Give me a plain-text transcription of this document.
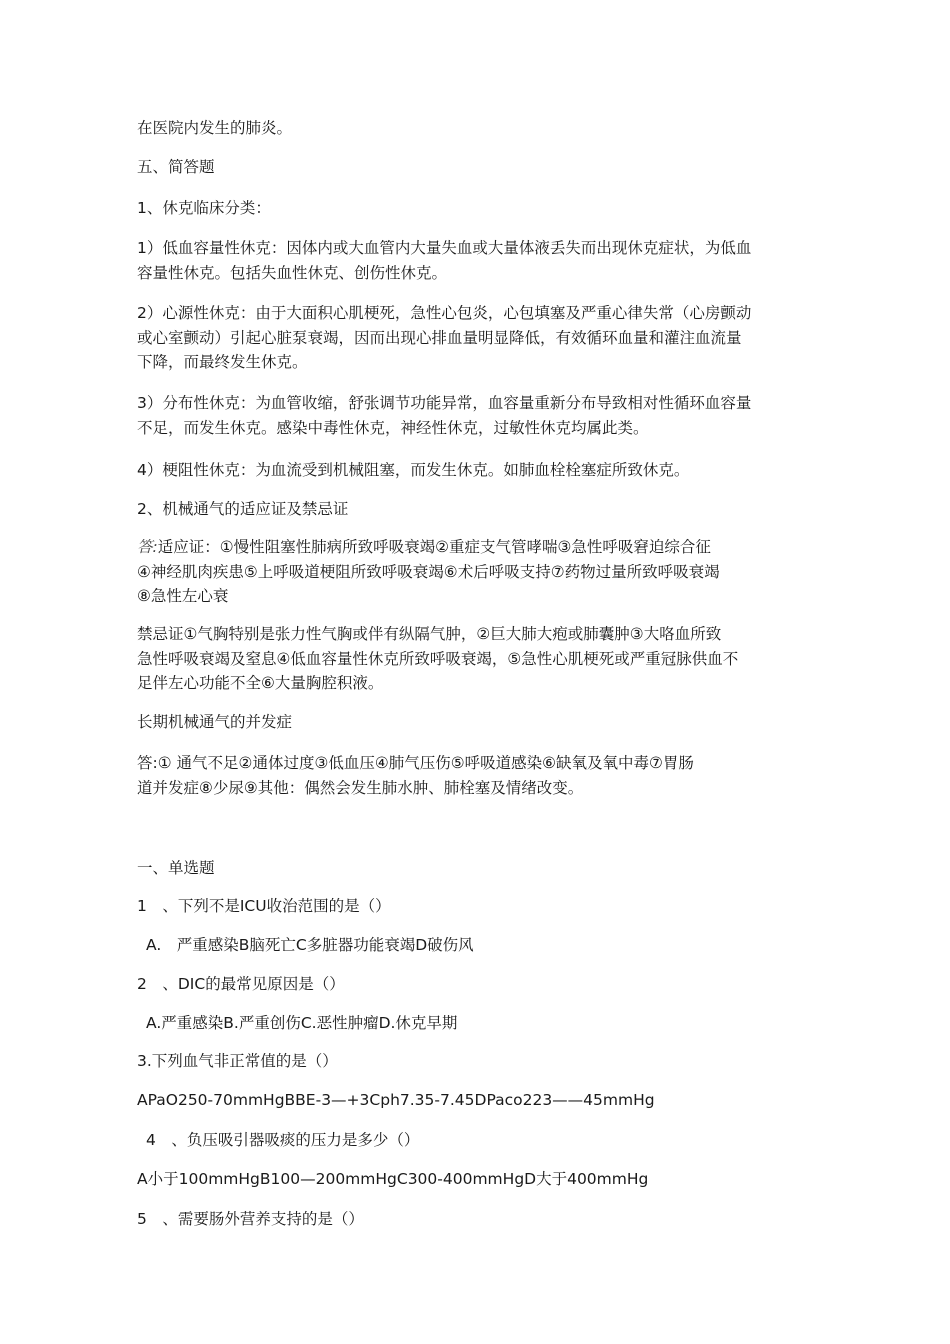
在医院内发生的肺炎。
五、简答题
1、休克临床分类：
1）低血容量性休克：因体内或大血管内大量失血或大量体液丢失而出现休克症状，为低血
容量性休克。包括失血性休克、创伤性休克。
2）心源性休克：由于大面积心肌梗死，急性心包炎，心包填塞及严重心律失常（心房颤动
或心室颤动）引起心脏泵衰竭，因而出现心排血量明显降低，有效循环血量和灌注血流量
下降，而最终发生休克。
3）分布性休克：为血管收缩，舒张调节功能异常，血容量重新分布导致相对性循环血容量
不足，而发生休克。感染中毒性休克，神经性休克，过敏性休克均属此类。
4）梗阻性休克：为血流受到机械阻塞，而发生休克。如肺血栓栓塞症所致休克。
2、机械通气的适应证及禁忌证
答:适应证：①慢性阻塞性肺病所致呼吸衰竭②重症支气管哮喘③急性呼吸窘迫综合征
④神经肌肉疾患⑤上呼吸道梗阻所致呼吸衰竭⑥术后呼吸支持⑦药物过量所致呼吸衰竭
⑧急性左心衰
禁忌证①气胸特别是张力性气胸或伴有纵隔气肿，②巨大肺大疱或肺囊肿③大咯血所致
急性呼吸衰竭及窒息④低血容量性休克所致呼吸衰竭，⑤急性心肌梗死或严重冠脉供血不
足伴左心功能不全⑥大量胸腔积液。
长期机械通气的并发症
答:① 通气不足②通体过度③低血压④肺气压伤⑤呼吸道感染⑥缺氧及氧中毒⑦胃肠
道并发症⑧少尿⑨其他：偶然会发生肺水肿、肺栓塞及情绪改变。
一、单选题
1　、下列不是ICU收治范围的是（）
A.　严重感染B脑死亡C多脏器功能衰竭D破伤风
2　、DIC的最常见原因是（）
A.严重感染B.严重创伤C.恶性肿瘤D.休克早期
3.下列血气非正常值的是（）
APaO250-70mmHgBBE-3—+3Cph7.35-7.45DPaco223——45mmHg
4　、负压吸引器吸痰的压力是多少（）
A小于100mmHgB100—200mmHgC300-400mmHgD大于400mmHg
5　、需要肠外营养支持的是（）
